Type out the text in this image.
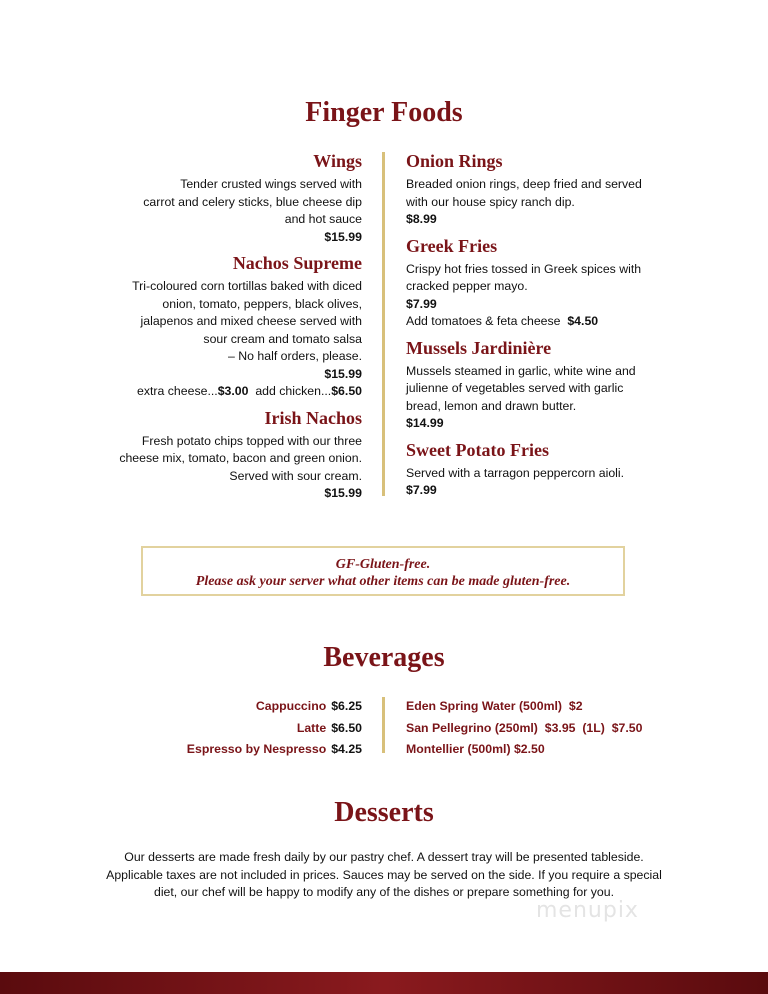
Finger Foods
Wings

Tender crusted wings served with

carrot and celery sticks, blue cheese dip

and hot sauce

$15.99

Nachos Supreme

Tri-coloured corn tortillas baked with diced

onion, tomato, peppers, black olives,

jalapenos and mixed cheese served with

sour cream and tomato salsa

– No half orders, please.

$15.99

extra cheese...$3.00 add chicken...$6.50

Irish Nachos

Fresh potato chips topped with our three

cheese mix, tomato, bacon and green onion.

Served with sour cream.

$15.99

Onion Rings

Breaded onion rings, deep fried and served

with our house spicy ranch dip.

$8.99

Greek Fries

Crispy hot fries tossed in Greek spices with

cracked pepper mayo.

$7.99

Add tomatoes & feta cheese $4.50

Mussels Jardinière

Mussels steamed in garlic, white wine and

julienne of vegetables served with garlic

bread, lemon and drawn butter.

$14.99

Sweet Potato Fries

Served with a tarragon peppercorn aioli.

$7.99

GF-Gluten-free.
Please ask your server what other items can be made gluten-free.
Beverages

Cappuccino $6.25

Latte $6.50

Espresso by Nespresso $4.25

Eden Spring Water (500ml)  $2

San Pellegrino (250ml)  $3.95  (1L)  $7.50

Montellier (500ml) $2.50

Desserts
Our desserts are made fresh daily by our pastry chef. A dessert tray will be presented tableside.
Applicable taxes are not included in prices. Sauces may be served on the side. If you require a special
diet, our chef will be happy to modify any of the dishes or prepare something for you.
menupix
